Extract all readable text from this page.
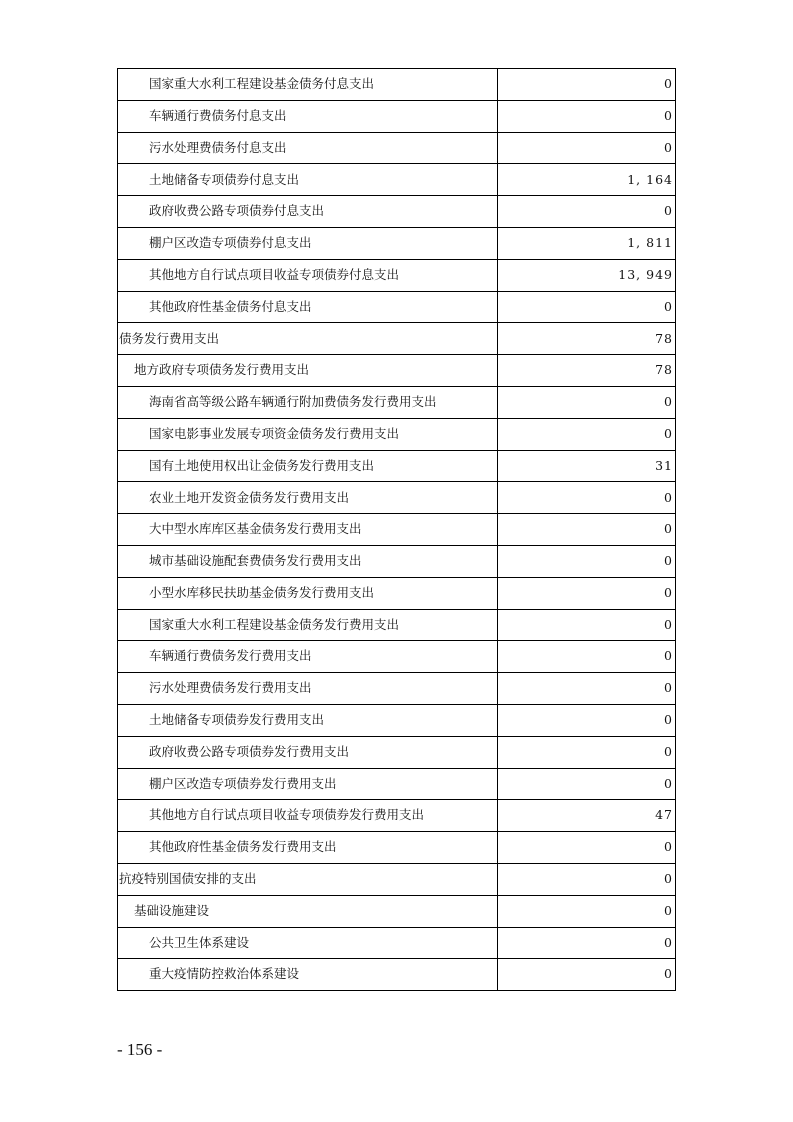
国家重大水利工程建设基金债务付息支出	0
车辆通行费债务付息支出	0
污水处理费债务付息支出	0
土地储备专项债券付息支出	1, 164
政府收费公路专项债券付息支出	0
棚户区改造专项债券付息支出	1, 811
其他地方自行试点项目收益专项债券付息支出	13, 949
其他政府性基金债务付息支出	0
债务发行费用支出	78
地方政府专项债务发行费用支出	78
海南省高等级公路车辆通行附加费债务发行费用支出	0
国家电影事业发展专项资金债务发行费用支出	0
国有土地使用权出让金债务发行费用支出	31
农业土地开发资金债务发行费用支出	0
大中型水库库区基金债务发行费用支出	0
城市基础设施配套费债务发行费用支出	0
小型水库移民扶助基金债务发行费用支出	0
国家重大水利工程建设基金债务发行费用支出	0
车辆通行费债务发行费用支出	0
污水处理费债务发行费用支出	0
土地储备专项债券发行费用支出	0
政府收费公路专项债券发行费用支出	0
棚户区改造专项债券发行费用支出	0
其他地方自行试点项目收益专项债券发行费用支出	47
其他政府性基金债务发行费用支出	0
抗疫特别国债安排的支出	0
基础设施建设	0
公共卫生体系建设	0
重大疫情防控救治体系建设	0
- 156 -
